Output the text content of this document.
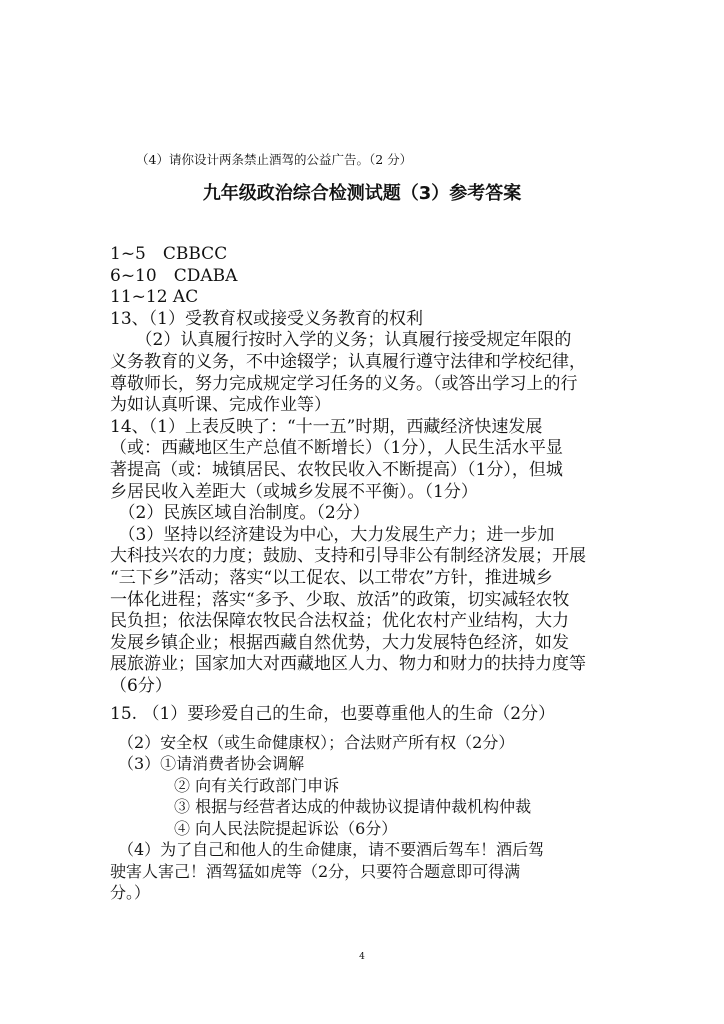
（4）请你设计两条禁止酒驾的公益广告。（2 分）
九年级政治综合检测试题（3）参考答案
1~5　CBBCC
6~10　CDABA
11~12 AC
13、（1）受教育权或接受义务教育的权利
　　（2）认真履行按时入学的义务；认真履行接受规定年限的
义务教育的义务，不中途辍学；认真履行遵守法律和学校纪律，
尊敬师长，努力完成规定学习任务的义务。（或答出学习上的行
为如认真听课、完成作业等）
14、（1）上表反映了：“十一五”时期，西藏经济快速发展
（或：西藏地区生产总值不断增长）（1分），人民生活水平显
著提高（或：城镇居民、农牧民收入不断提高）（1分），但城
乡居民收入差距大（或城乡发展不平衡）。（1分）
　（2）民族区域自治制度。（2分）
　（3）坚持以经济建设为中心，大力发展生产力；进一步加
大科技兴农的力度；鼓励、支持和引导非公有制经济发展；开展
“三下乡”活动；落实“以工促农、以工带农”方针，推进城乡
一体化进程；落实“多予、少取、放活”的政策，切实减轻农牧
民负担；依法保障农牧民合法权益；优化农村产业结构，大力
发展乡镇企业；根据西藏自然优势，大力发展特色经济，如发
展旅游业；国家加大对西藏地区人力、物力和财力的扶持力度等
（6分）
15. （1）要珍爱自己的生命，也要尊重他人的生命（2分）
　（2）安全权（或生命健康权）；合法财产所有权（2分）
　（3）①请消费者协会调解
　　　　② 向有关行政部门申诉
　　　　③ 根据与经营者达成的仲裁协议提请仲裁机构仲裁
　　　　④ 向人民法院提起诉讼（6分）
　（4）为了自己和他人的生命健康，请不要酒后驾车！酒后驾
驶害人害己！酒驾猛如虎等（2分，只要符合题意即可得满
分。）
4
